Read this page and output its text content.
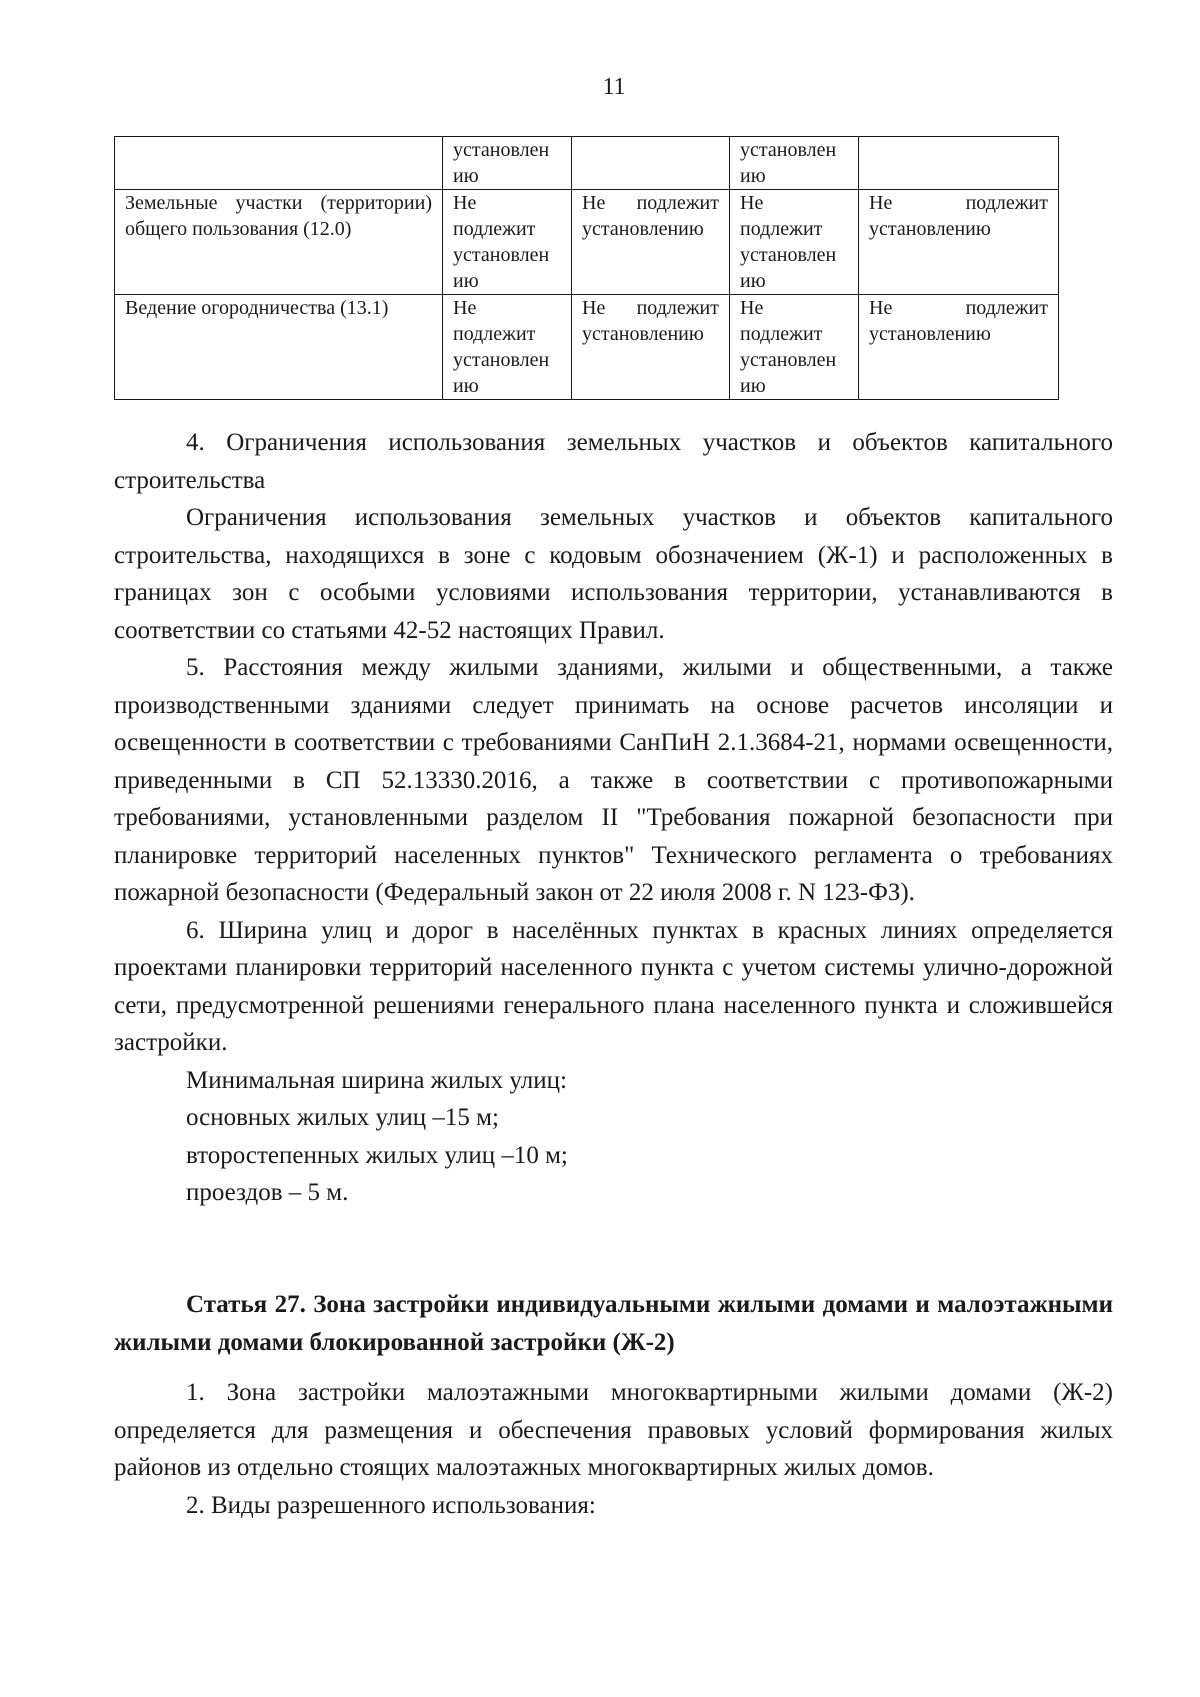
11
	установлен ию		установлен ию	
Земельные участки (территории) общего пользования (12.0)	Не подлежит установлен ию	Не подлежит установлению	Не подлежит установлен ию	Не подлежит установлению
Ведение огородничества (13.1)	Не подлежит установлен ию	Не подлежит установлению	Не подлежит установлен ию	Не подлежит установлению

4. Ограничения использования земельных участков и объектов капитального строительства

Ограничения использования земельных участков и объектов капитального строительства, находящихся в зоне с кодовым обозначением (Ж-1) и расположенных в границах зон с особыми условиями использования территории, устанавливаются в соответствии со статьями 42-52 настоящих Правил.

5. Расстояния между жилыми зданиями, жилыми и общественными, а также производственными зданиями следует принимать на основе расчетов инсоляции и освещенности в соответствии с требованиями СанПиН 2.1.3684-21, нормами освещенности, приведенными в СП 52.13330.2016, а также в соответствии с противопожарными требованиями, установленными разделом II "Требования пожарной безопасности при планировке территорий населенных пунктов" Технического регламента о требованиях пожарной безопасности (Федеральный закон от 22 июля 2008 г. N 123-ФЗ).

6. Ширина улиц и дорог в населённых пунктах в красных линиях определяется проектами планировки территорий населенного пункта с учетом системы улично-дорожной сети, предусмотренной решениями генерального плана населенного пункта и сложившейся застройки.

Минимальная ширина жилых улиц:

основных жилых улиц –15 м;

второстепенных жилых улиц –10 м;

проездов – 5 м.

Статья 27. Зона застройки индивидуальными жилыми домами и малоэтажными жилыми домами блокированной застройки (Ж-2)

1. Зона застройки малоэтажными многоквартирными жилыми домами (Ж-2) определяется для размещения и обеспечения правовых условий формирования жилых районов из отдельно стоящих малоэтажных многоквартирных жилых домов.

2. Виды разрешенного использования:
